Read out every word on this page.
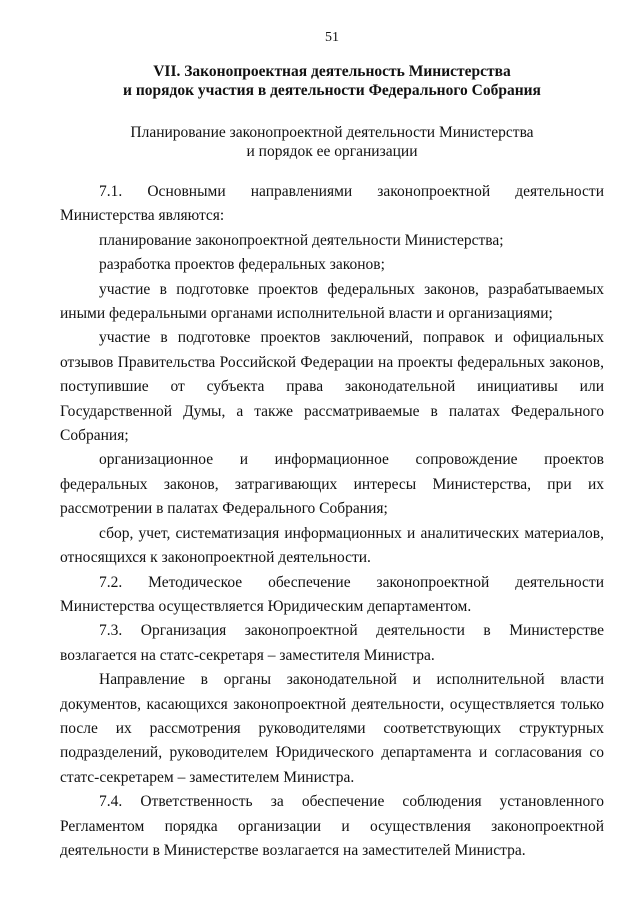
51
VII. Законопроектная деятельность Министерства
и порядок участия в деятельности Федерального Собрания
Планирование законопроектной деятельности Министерства
и порядок ее организации

7.1. Основными направлениями законопроектной деятельности Министерства являются:

планирование законопроектной деятельности Министерства;

разработка проектов федеральных законов;

участие в подготовке проектов федеральных законов, разрабатываемых иными федеральными органами исполнительной власти и организациями;

участие в подготовке проектов заключений, поправок и официальных отзывов Правительства Российской Федерации на проекты федеральных законов, поступившие от субъекта права законодательной инициативы или Государственной Думы, а также рассматриваемые в палатах Федерального Собрания;

организационное и информационное сопровождение проектов федеральных законов, затрагивающих интересы Министерства, при их рассмотрении в палатах Федерального Собрания;

сбор, учет, систематизация информационных и аналитических материалов, относящихся к законопроектной деятельности.

7.2. Методическое обеспечение законопроектной деятельности Министерства осуществляется Юридическим департаментом.

7.3. Организация законопроектной деятельности в Министерстве возлагается на статс-секретаря – заместителя Министра.

Направление в органы законодательной и исполнительной власти документов, касающихся законопроектной деятельности, осуществляется только после их рассмотрения руководителями соответствующих структурных подразделений, руководителем Юридического департамента и согласования со статс-секретарем – заместителем Министра.

7.4. Ответственность за обеспечение соблюдения установленного Регламентом порядка организации и осуществления законопроектной деятельности в Министерстве возлагается на заместителей Министра.
